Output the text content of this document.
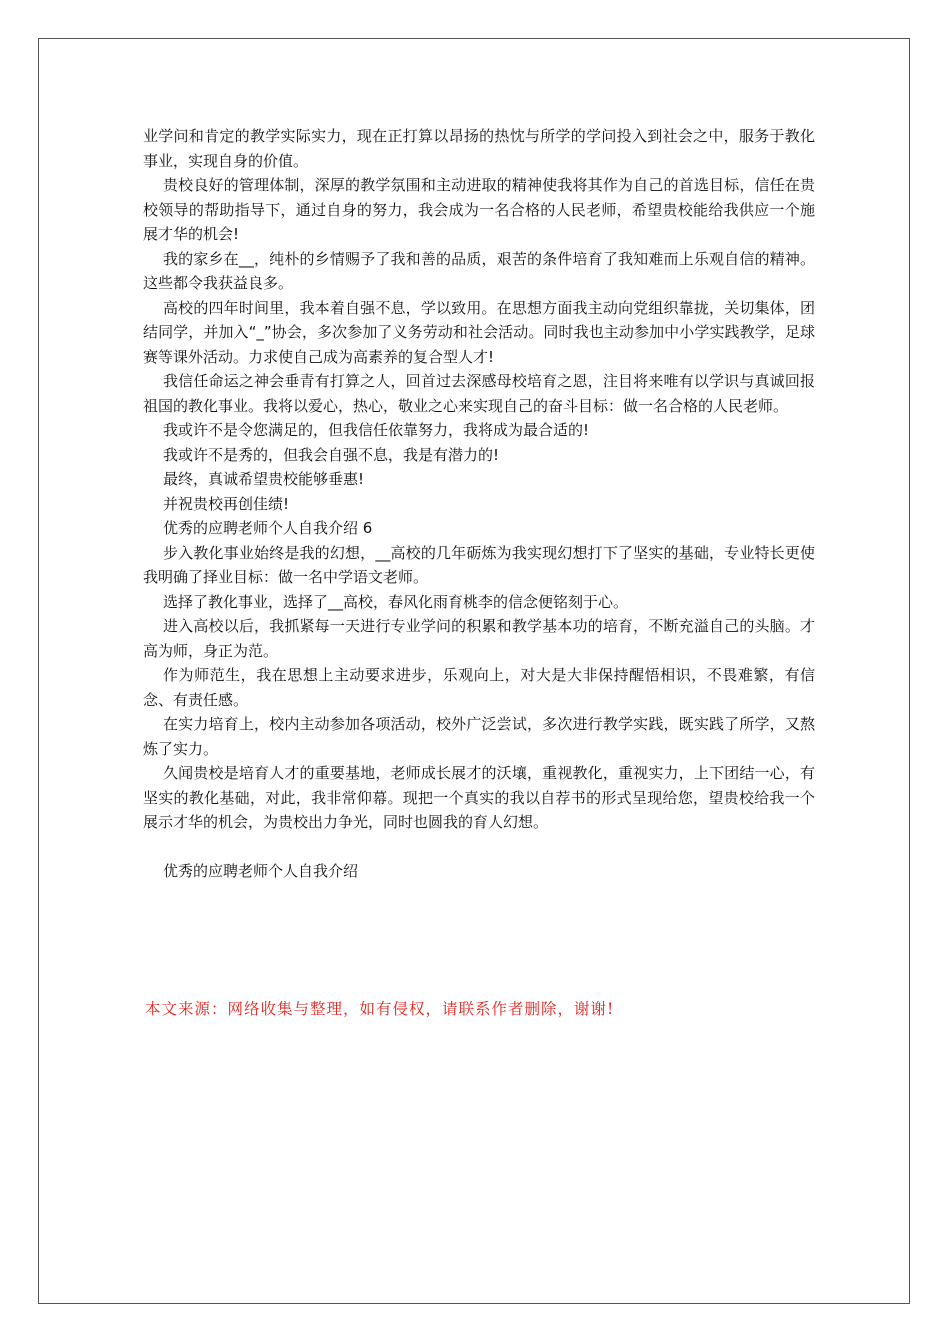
业学问和肯定的教学实际实力，现在正打算以昂扬的热忱与所学的学问投入到社会之中，服务于教化事业，实现自身的价值。

贵校良好的管理体制，深厚的教学氛围和主动进取的精神使我将其作为自己的首选目标，信任在贵校领导的帮助指导下，通过自身的努力，我会成为一名合格的人民老师，希望贵校能给我供应一个施展才华的机会!

我的家乡在__，纯朴的乡情赐予了我和善的品质，艰苦的条件培育了我知难而上乐观自信的精神。这些都令我获益良多。

高校的四年时间里，我本着自强不息，学以致用。在思想方面我主动向党组织靠拢，关切集体，团结同学，并加入“_”协会，多次参加了义务劳动和社会活动。同时我也主动参加中小学实践教学，足球赛等课外活动。力求使自己成为高素养的复合型人才!

我信任命运之神会垂青有打算之人，回首过去深感母校培育之恩，注目将来唯有以学识与真诚回报祖国的教化事业。我将以爱心，热心，敬业之心来实现自己的奋斗目标：做一名合格的人民老师。

我或许不是令您满足的，但我信任依靠努力，我将成为最合适的!

我或许不是秀的，但我会自强不息，我是有潜力的!

最终，真诚希望贵校能够垂惠!

并祝贵校再创佳绩!

优秀的应聘老师个人自我介绍 6

步入教化事业始终是我的幻想，__高校的几年砺炼为我实现幻想打下了坚实的基础，专业特长更使我明确了择业目标：做一名中学语文老师。

选择了教化事业，选择了__高校，春风化雨育桃李的信念便铭刻于心。

进入高校以后，我抓紧每一天进行专业学问的积累和教学基本功的培育，不断充溢自己的头脑。才高为师，身正为范。

作为师范生，我在思想上主动要求进步，乐观向上，对大是大非保持醒悟相识，不畏难繁，有信念、有责任感。

在实力培育上，校内主动参加各项活动，校外广泛尝试，多次进行教学实践，既实践了所学，又熬炼了实力。

久闻贵校是培育人才的重要基地，老师成长展才的沃壤，重视教化，重视实力，上下团结一心，有坚实的教化基础，对此，我非常仰幕。现把一个真实的我以自荐书的形式呈现给您，望贵校给我一个展示才华的机会，为贵校出力争光，同时也圆我的育人幻想。

优秀的应聘老师个人自我介绍

本文来源：网络收集与整理，如有侵权，请联系作者删除，谢谢!
